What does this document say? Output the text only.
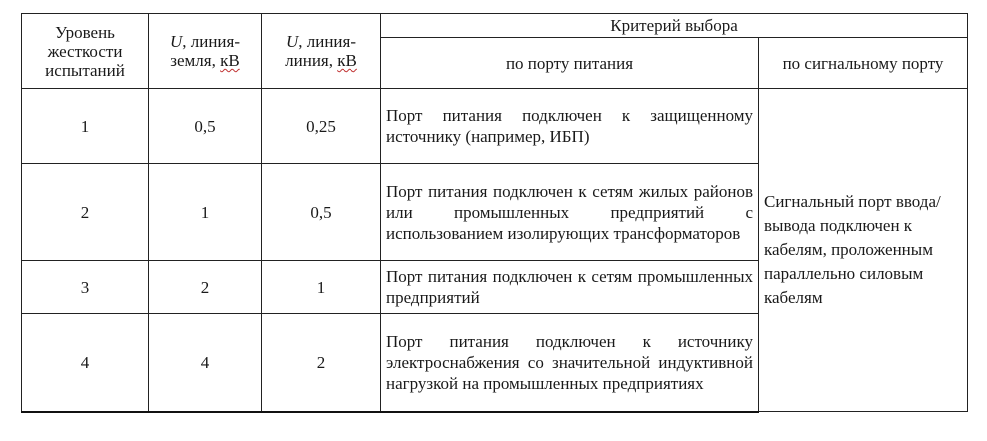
Уровень жесткости испытаний	U, линия-земля, кВ	U, линия-линия, кВ	Критерий выбора	
			по порту питания	по сигнальному порту
1	0,5	0,25	Порт питания подключен к защищенному источнику (например, ИБП)	Сигнальный порт ввода/вывода подключен к кабелям, проложенным параллельно силовым кабелям
2	1	0,5	Порт питания подключен к сетям жилых районов или промышленных предприятий с использованием изолирующих трансформаторов	
3	2	1	Порт питания подключен к сетям промышленных предприятий	
4	4	2	Порт питания подключен к источнику электроснабжения со значительной индуктивной нагрузкой на промышленных предприятиях	
